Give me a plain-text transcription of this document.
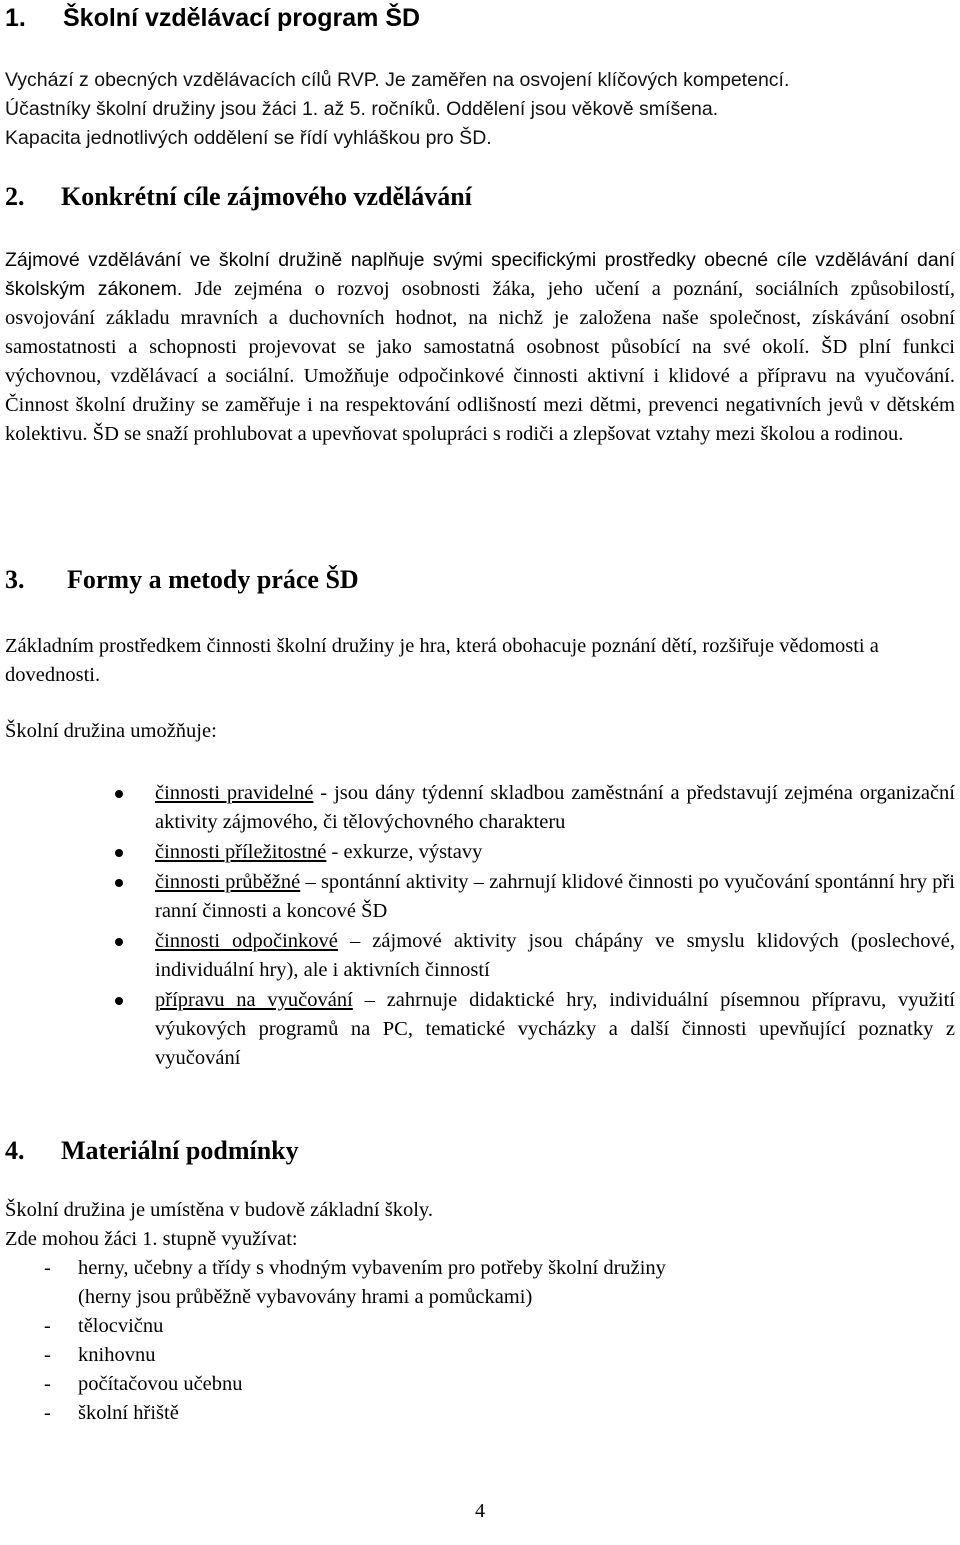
1. Školní vzdělávací program ŠD
Vychází z obecných vzdělávacích cílů RVP. Je zaměřen na osvojení klíčových kompetencí.
Účastníky školní družiny jsou žáci 1. až 5. ročníků. Oddělení jsou věkově smíšena.
Kapacita jednotlivých oddělení se řídí vyhláškou pro ŠD.
2. Konkrétní cíle zájmového vzdělávání
Zájmové vzdělávání ve školní družině naplňuje svými specifickými prostředky obecné cíle vzdělávání daní školským zákonem. Jde zejména o rozvoj osobnosti žáka, jeho učení a poznání, sociálních způsobilostí, osvojování základu mravních a duchovních hodnot, na nichž je založena naše společnost, získávání osobní samostatnosti a schopnosti projevovat se jako samostatná osobnost působící na své okolí. ŠD plní funkci výchovnou, vzdělávací a sociální. Umožňuje odpočinkové činnosti aktivní i klidové a přípravu na vyučování. Činnost školní družiny se zaměřuje i na respektování odlišností mezi dětmi, prevenci negativních jevů v dětském kolektivu. ŠD se snaží prohlubovat a upevňovat spolupráci s rodiči a zlepšovat vztahy mezi školou a rodinou.
3. Formy a metody práce ŠD
Základním prostředkem činnosti školní družiny je hra, která obohacuje poznání dětí, rozšiřuje vědomosti a dovednosti.
Školní družina umožňuje:
činnosti pravidelné - jsou dány týdenní skladbou zaměstnání a představují zejména organizační aktivity zájmového, či tělovýchovného charakteru
činnosti příležitostné - exkurze, výstavy
činnosti průběžné – spontánní aktivity – zahrnují klidové činnosti po vyučování spontánní hry při ranní činnosti a koncové ŠD
činnosti odpočinkové – zájmové aktivity jsou chápány ve smyslu klidových (poslechové, individuální hry), ale i aktivních činností
přípravu na vyučování – zahrnuje didaktické hry, individuální písemnou přípravu, využití výukových programů na PC, tematické vycházky a další činnosti upevňující poznatky z vyučování
4. Materiální podmínky
Školní družina je umístěna v budově základní školy.
Zde mohou žáci 1. stupně využívat:
- herny, učebny a třídy s vhodným vybavením pro potřeby školní družiny
(herny jsou průběžně vybavovány hrami a pomůckami)
- tělocvičnu
- knihovnu
- počítačovou učebnu
- školní hřiště
4
